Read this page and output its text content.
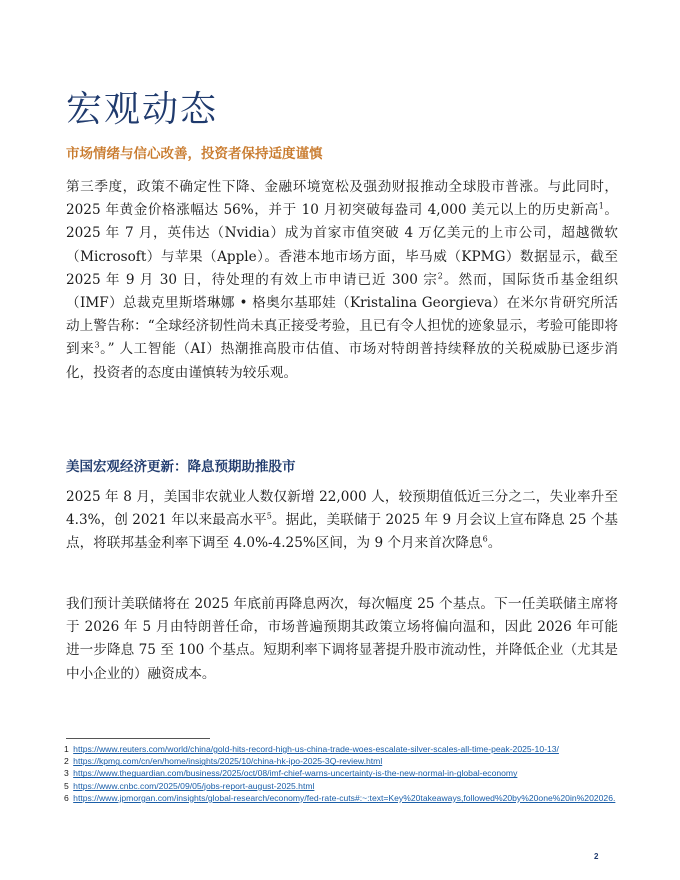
宏观动态
市场情绪与信心改善，投资者保持适度谨慎

第三季度，政策不确定性下降、金融环境宽松及强劲财报推动全球股市普涨。与此同时，2025 年黄金价格涨幅达 56%，并于 10 月初突破每盎司 4,000 美元以上的历史新高$^1$。2025 年 7 月，英伟达（Nvidia）成为首家市值突破 4 万亿美元的上市公司，超越微软（Microsoft）与苹果（Apple）。香港本地市场方面，毕马威（KPMG）数据显示，截至 2025 年 9 月 30 日，待处理的有效上市申请已近 300 宗$^2$。然而，国际货币基金组织（IMF）总裁克里斯塔琳娜 • 格奥尔基耶娃（Kristalina Georgieva）在米尔肯研究所活动上警告称：“全球经济韧性尚未真正接受考验，且已有令人担忧的迹象显示，考验可能即将到来$^3$。” 人工智能（AI）热潮推高股市估值、市场对特朗普持续释放的关税威胁已逐步消化，投资者的态度由谨慎转为较乐观。

美国宏观经济更新：降息预期助推股市

2025 年 8 月，美国非农就业人数仅新增 22,000 人，较预期值低近三分之二，失业率升至 4.3%，创 2021 年以来最高水平$^5$。据此，美联储于 2025 年 9 月会议上宣布降息 25 个基点，将联邦基金利率下调至 4.0%-4.25%区间，为 9 个月来首次降息$^6$。

我们预计美联储将在 2025 年底前再降息两次，每次幅度 25 个基点。下一任美联储主席将于 2026 年 5 月由特朗普任命，市场普遍预期其政策立场将偏向温和，因此 2026 年可能进一步降息 75 至 100 个基点。短期利率下调将显著提升股市流动性，并降低企业（尤其是中小企业的）融资成本。

1 https://www.reuters.com/world/china/gold-hits-record-high-us-china-trade-woes-escalate-silver-scales-all-time-peak-2025-10-13/
2 https://kpmg.com/cn/en/home/insights/2025/10/china-hk-ipo-2025-3Q-review.html
3 https://www.theguardian.com/business/2025/oct/08/imf-chief-warns-uncertainty-is-the-new-normal-in-global-economy
5 https://www.cnbc.com/2025/09/05/jobs-report-august-2025.html
6 https://www.jpmorgan.com/insights/global-research/economy/fed-rate-cuts#:~:text=Key%20takeaways,followed%20by%20one%20in%202026.

2
